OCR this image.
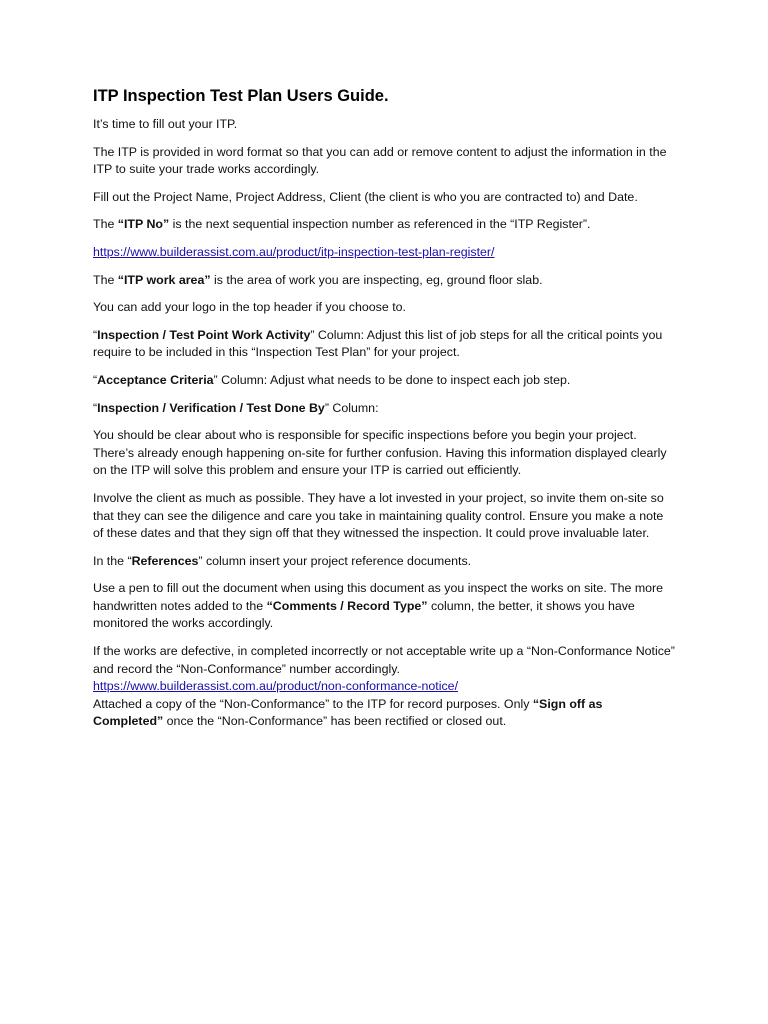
ITP Inspection Test Plan Users Guide.

It’s time to fill out your ITP.

The ITP is provided in word format so that you can add or remove content to adjust the information in the ITP to suite your trade works accordingly.

Fill out the Project Name, Project Address, Client (the client is who you are contracted to) and Date.

The “ITP No” is the next sequential inspection number as referenced in the “ITP Register”.

https://www.builderassist.com.au/product/itp-inspection-test-plan-register/

The “ITP work area” is the area of work you are inspecting, eg, ground floor slab.

You can add your logo in the top header if you choose to.

“Inspection / Test Point Work Activity” Column: Adjust this list of job steps for all the critical points you require to be included in this “Inspection Test Plan” for your project.

“Acceptance Criteria” Column: Adjust what needs to be done to inspect each job step.

“Inspection / Verification / Test Done By” Column:

You should be clear about who is responsible for specific inspections before you begin your project. There’s already enough happening on-site for further confusion. Having this information displayed clearly on the ITP will solve this problem and ensure your ITP is carried out efficiently.

Involve the client as much as possible. They have a lot invested in your project, so invite them on-site so that they can see the diligence and care you take in maintaining quality control. Ensure you make a note of these dates and that they sign off that they witnessed the inspection. It could prove invaluable later.

In the “References” column insert your project reference documents.

Use a pen to fill out the document when using this document as you inspect the works on site. The more handwritten notes added to the “Comments / Record Type” column, the better, it shows you have monitored the works accordingly.

If the works are defective, in completed incorrectly or not acceptable write up a “Non-Conformance Notice” and record the “Non-Conformance” number accordingly.

https://www.builderassist.com.au/product/non-conformance-notice/

Attached a copy of the “Non-Conformance” to the ITP for record purposes. Only “Sign off as Completed” once the “Non-Conformance” has been rectified or closed out.
